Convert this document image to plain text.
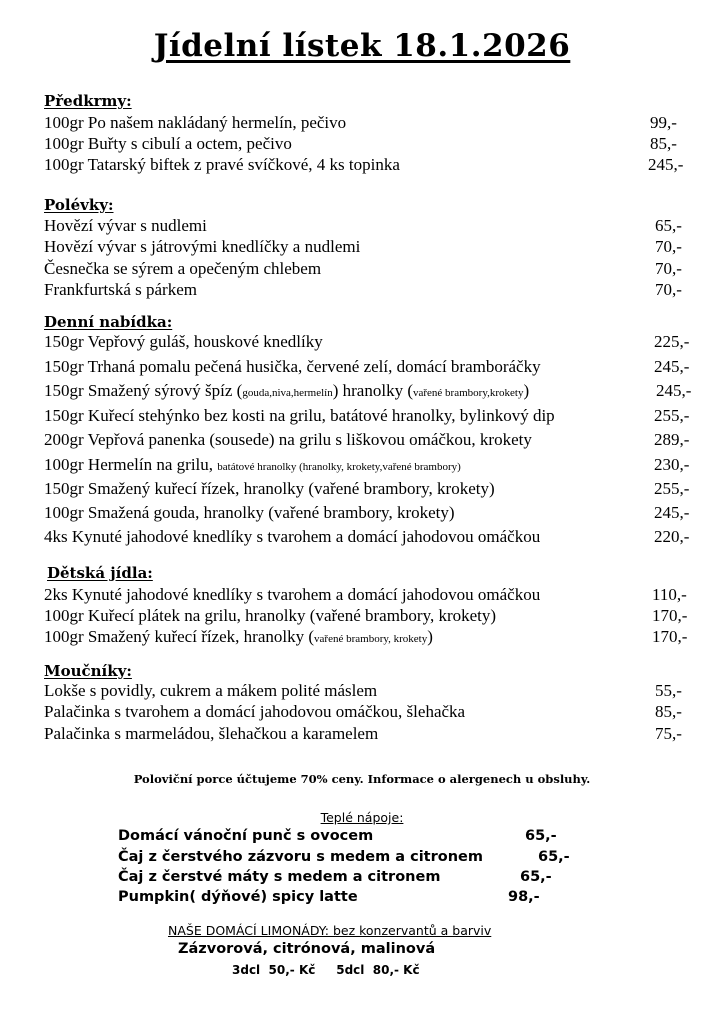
Jídelní lístek 18.1.2026
Předkrmy:
100gr Po našem nakládaný hermelín, pečivo	99,-
100gr Buřty s cibulí a octem, pečivo	85,-
100gr Tatarský biftek z pravé svíčkové, 4 ks topinka	245,-
Polévky:
Hovězí vývar s nudlemi	65,-
Hovězí vývar s játrovými knedlíčky a nudlemi	70,-
Česnečka se sýrem a opečeným chlebem	70,-
Frankfurtská s párkem	70,-
Denní nabídka:
150gr Vepřový guláš, houskové knedlíky	225,-
150gr Trhaná pomalu pečená husička, červené zelí, domácí bramboráčky	245,-
150gr Smažený sýrový špíz (gouda,niva,hermelín) hranolky (vařené brambory,krokety)	245,-
150gr Kuřecí stehýnko bez kosti na grilu, batátové hranolky, bylinkový dip	255,-
200gr Vepřová panenka (sousede) na grilu s liškovou omáčkou, krokety	289,-
100gr Hermelín na grilu, batátové hranolky (hranolky, krokety,vařené brambory)	230,-
150gr Smažený kuřecí řízek, hranolky (vařené brambory, krokety)	255,-
100gr Smažená gouda, hranolky (vařené brambory, krokety)	245,-
4ks Kynuté jahodové knedlíky s tvarohem a domácí jahodovou omáčkou	220,-
Dětská jídla:
2ks Kynuté jahodové knedlíky s tvarohem a domácí jahodovou omáčkou	110,-
100gr Kuřecí plátek na grilu, hranolky (vařené brambory, krokety)	170,-
100gr Smažený kuřecí řízek, hranolky (vařené brambory, krokety)	170,-
Moučníky:
Lokše s povidly, cukrem a mákem polité máslem	55,-
Palačinka s tvarohem a domácí jahodovou omáčkou, šlehačka	85,-
Palačinka s marmeládou, šlehačkou a karamelem	75,-
Poloviční porce účtujeme 70% ceny. Informace o alergenech u obsluhy.
Teplé nápoje:
Domácí vánoční punč s ovocem	65,-
Čaj z čerstvého zázvoru s medem a citronem	65,-
Čaj z čerstvé máty s medem a citronem	65,-
Pumpkin( dýňové) spicy latte	98,-
NAŠE DOMÁCÍ LIMONÁDY: bez konzervantů a barviv
Zázvorová, citrónová, malinová
3dcl  50,- Kč     5dcl  80,- Kč
